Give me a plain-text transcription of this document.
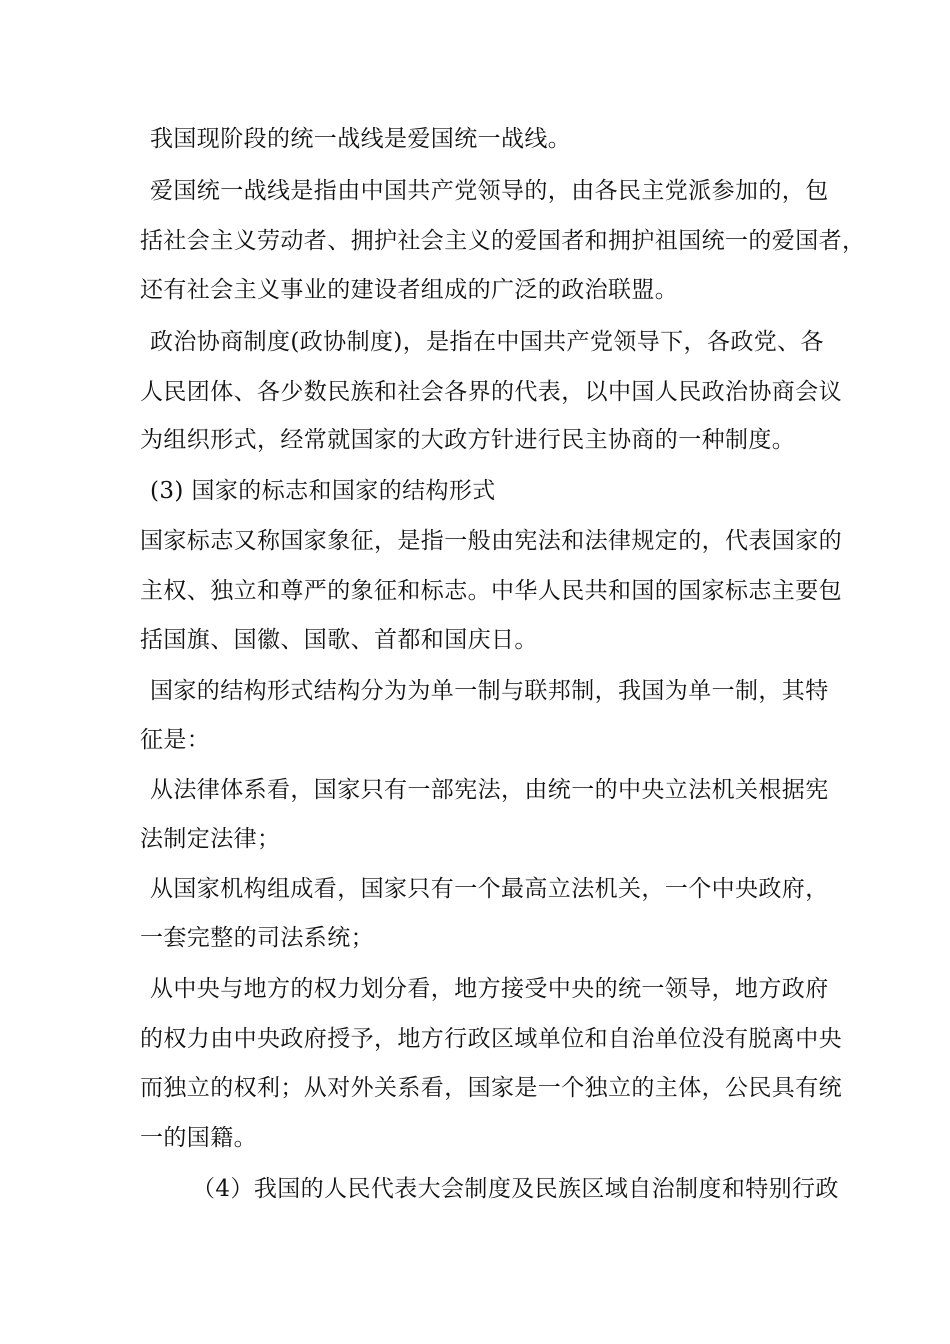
我国现阶段的统一战线是爱国统一战线。
爱国统一战线是指由中国共产党领导的，由各民主党派参加的，包
括社会主义劳动者、拥护社会主义的爱国者和拥护祖国统一的爱国者，
还有社会主义事业的建设者组成的广泛的政治联盟。
政治协商制度(政协制度)，是指在中国共产党领导下，各政党、各
人民团体、各少数民族和社会各界的代表，以中国人民政治协商会议
为组织形式，经常就国家的大政方针进行民主协商的一种制度。
(3) 国家的标志和国家的结构形式
国家标志又称国家象征，是指一般由宪法和法律规定的，代表国家的
主权、独立和尊严的象征和标志。中华人民共和国的国家标志主要包
括国旗、国徽、国歌、首都和国庆日。
国家的结构形式结构分为为单一制与联邦制，我国为单一制，其特
征是：
从法律体系看，国家只有一部宪法，由统一的中央立法机关根据宪
法制定法律；
从国家机构组成看，国家只有一个最高立法机关，一个中央政府，
一套完整的司法系统；
从中央与地方的权力划分看，地方接受中央的统一领导，地方政府
的权力由中央政府授予，地方行政区域单位和自治单位没有脱离中央
而独立的权利；从对外关系看，国家是一个独立的主体，公民具有统
一的国籍。
（4）我国的人民代表大会制度及民族区域自治制度和特别行政
